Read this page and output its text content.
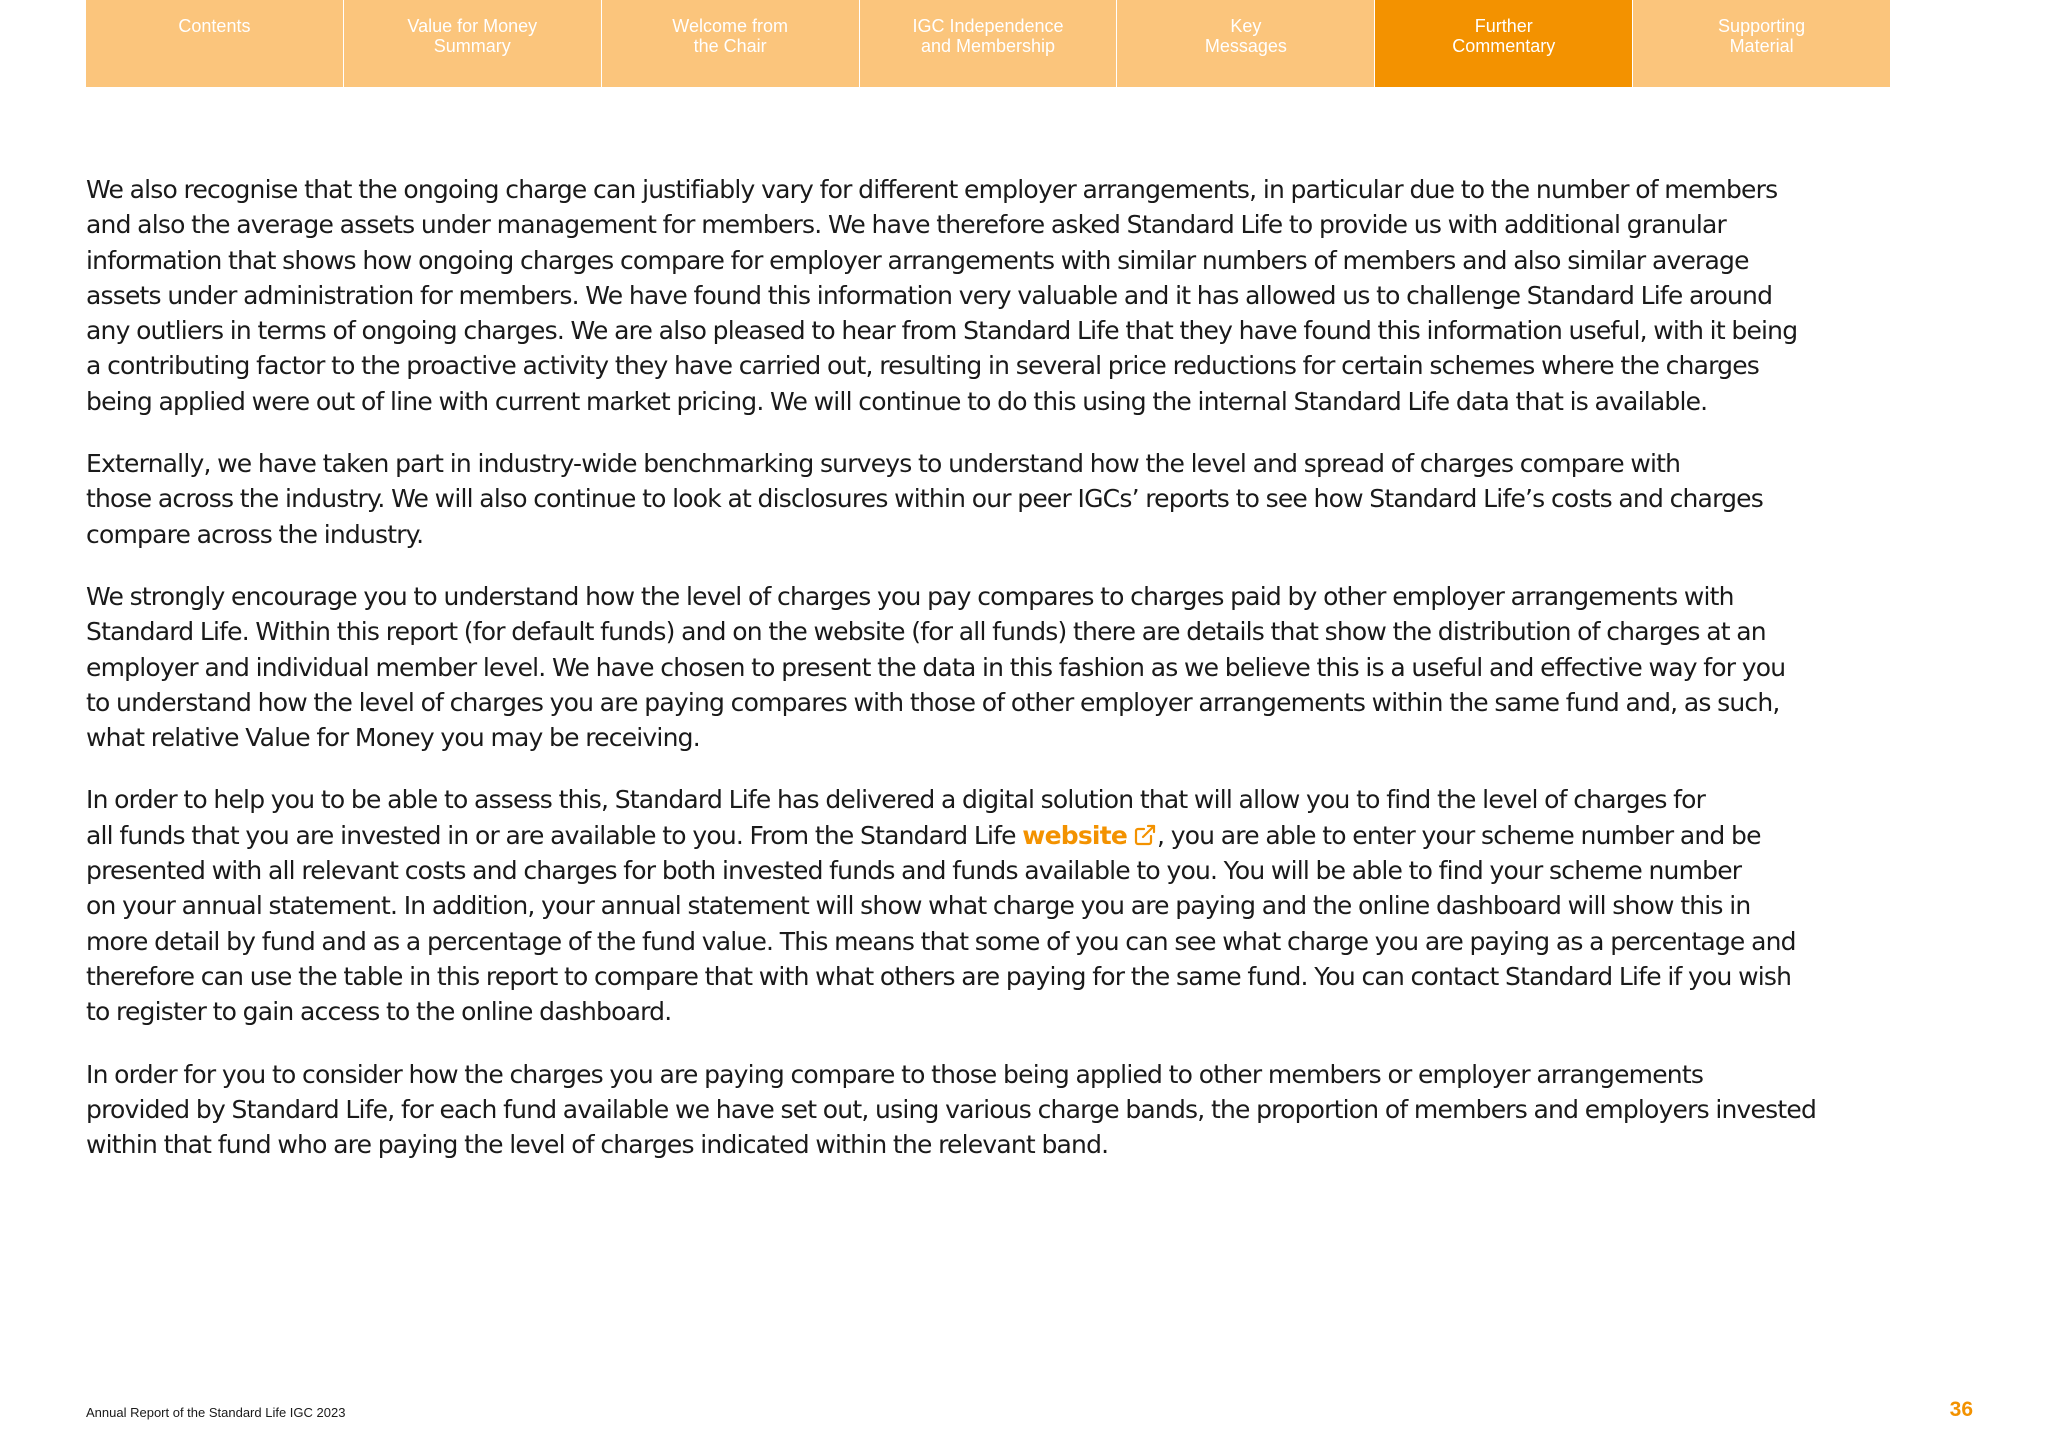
Contents	Value for Money
Summary
Welcome from
the Chair
IGC Independence
and Membership
Key
Messages
Further
Commentary
Supporting
Material

We also recognise that the ongoing charge can justifiably vary for different employer arrangements, in particular due to the number of members
and also the average assets under management for members. We have therefore asked Standard Life to provide us with additional granular
information that shows how ongoing charges compare for employer arrangements with similar numbers of members and also similar average
assets under administration for members. We have found this information very valuable and it has allowed us to challenge Standard Life around
any outliers in terms of ongoing charges. We are also pleased to hear from Standard Life that they have found this information useful, with it being
a contributing factor to the proactive activity they have carried out, resulting in several price reductions for certain schemes where the charges
being applied were out of line with current market pricing. We will continue to do this using the internal Standard Life data that is available.

Externally, we have taken part in industry-wide benchmarking surveys to understand how the level and spread of charges compare with
those across the industry. We will also continue to look at disclosures within our peer IGCs’ reports to see how Standard Life’s costs and charges
compare across the industry.

We strongly encourage you to understand how the level of charges you pay compares to charges paid by other employer arrangements with
Standard Life. Within this report (for default funds) and on the website (for all funds) there are details that show the distribution of charges at an
employer and individual member level. We have chosen to present the data in this fashion as we believe this is a useful and effective way for you
to understand how the level of charges you are paying compares with those of other employer arrangements within the same fund and, as such,
what relative Value for Money you may be receiving.

In order to help you to be able to assess this, Standard Life has delivered a digital solution that will allow you to find the level of charges for
all funds that you are invested in or are available to you. From the Standard Life website , you are able to enter your scheme number and be
presented with all relevant costs and charges for both invested funds and funds available to you. You will be able to find your scheme number
on your annual statement. In addition, your annual statement will show what charge you are paying and the online dashboard will show this in
more detail by fund and as a percentage of the fund value. This means that some of you can see what charge you are paying as a percentage and
therefore can use the table in this report to compare that with what others are paying for the same fund. You can contact Standard Life if you wish
to register to gain access to the online dashboard.

In order for you to consider how the charges you are paying compare to those being applied to other members or employer arrangements
provided by Standard Life, for each fund available we have set out, using various charge bands, the proportion of members and employers invested
within that fund who are paying the level of charges indicated within the relevant band.

Annual Report of the Standard Life IGC 2023	36
